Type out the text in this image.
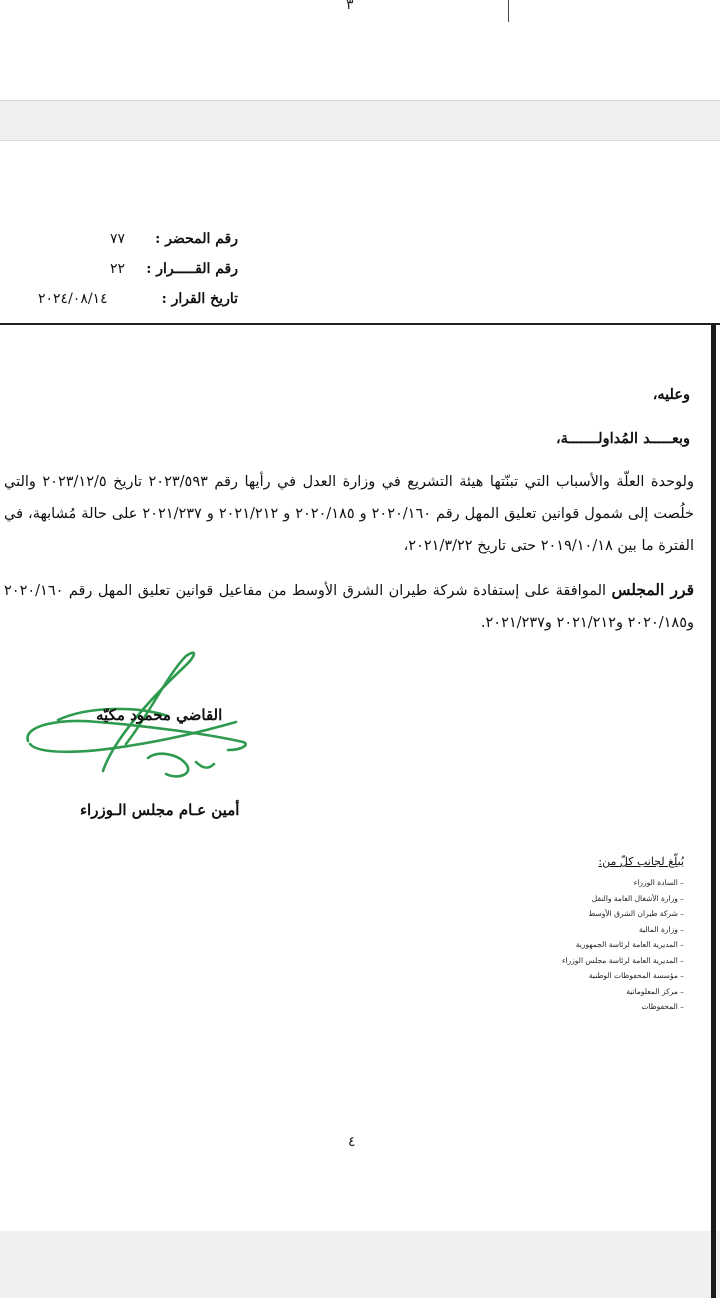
٣
رقم المحضر :
٧٧
رقم القـــــرار :
٢٢
تاريخ القرار :
٢٠٢٤/٠٨/١٤
وعليه،
وبعـــــد المُداولـــــــة،
ولوحدة العلّة والأسباب التي تبنّتها هيئة التشريع في وزارة العدل في رأيها رقم ٢٠٢٣/٥٩٣ تاريخ ٢٠٢٣/١٢/٥ والتي خلُصت إلى شمول قوانين تعليق المهل رقم ٢٠٢٠/١٦٠ و ٢٠٢٠/١٨٥ و ٢٠٢١/٢١٢ و ٢٠٢١/٢٣٧ على حالة مُشابهة، في الفترة ما بين ٢٠١٩/١٠/١٨ حتى تاريخ ٢٠٢١/٣/٢٢،
قرر المجلس الموافقة على إستفادة شركة طيران الشرق الأوسط من مفاعيل قوانين تعليق المهل رقم ٢٠٢٠/١٦٠ و٢٠٢٠/١٨٥ و٢٠٢١/٢١٢ و٢٠٢١/٢٣٧.
القاضي محمود مكيّه
أمين عـام مجلس الـوزراء
يُبلّغ لجانب كلّ من:
– السادة الوزراء
– وزارة الأشغال العامة والنقل
– شركة طيران الشرق الأوسط
– وزارة المالية
– المديرية العامة لرئاسة الجمهورية
– المديرية العامة لرئاسة مجلس الوزراء
– مؤسسة المحفوظات الوطنية
– مركز المعلوماتية
– المحفوظات
٤
